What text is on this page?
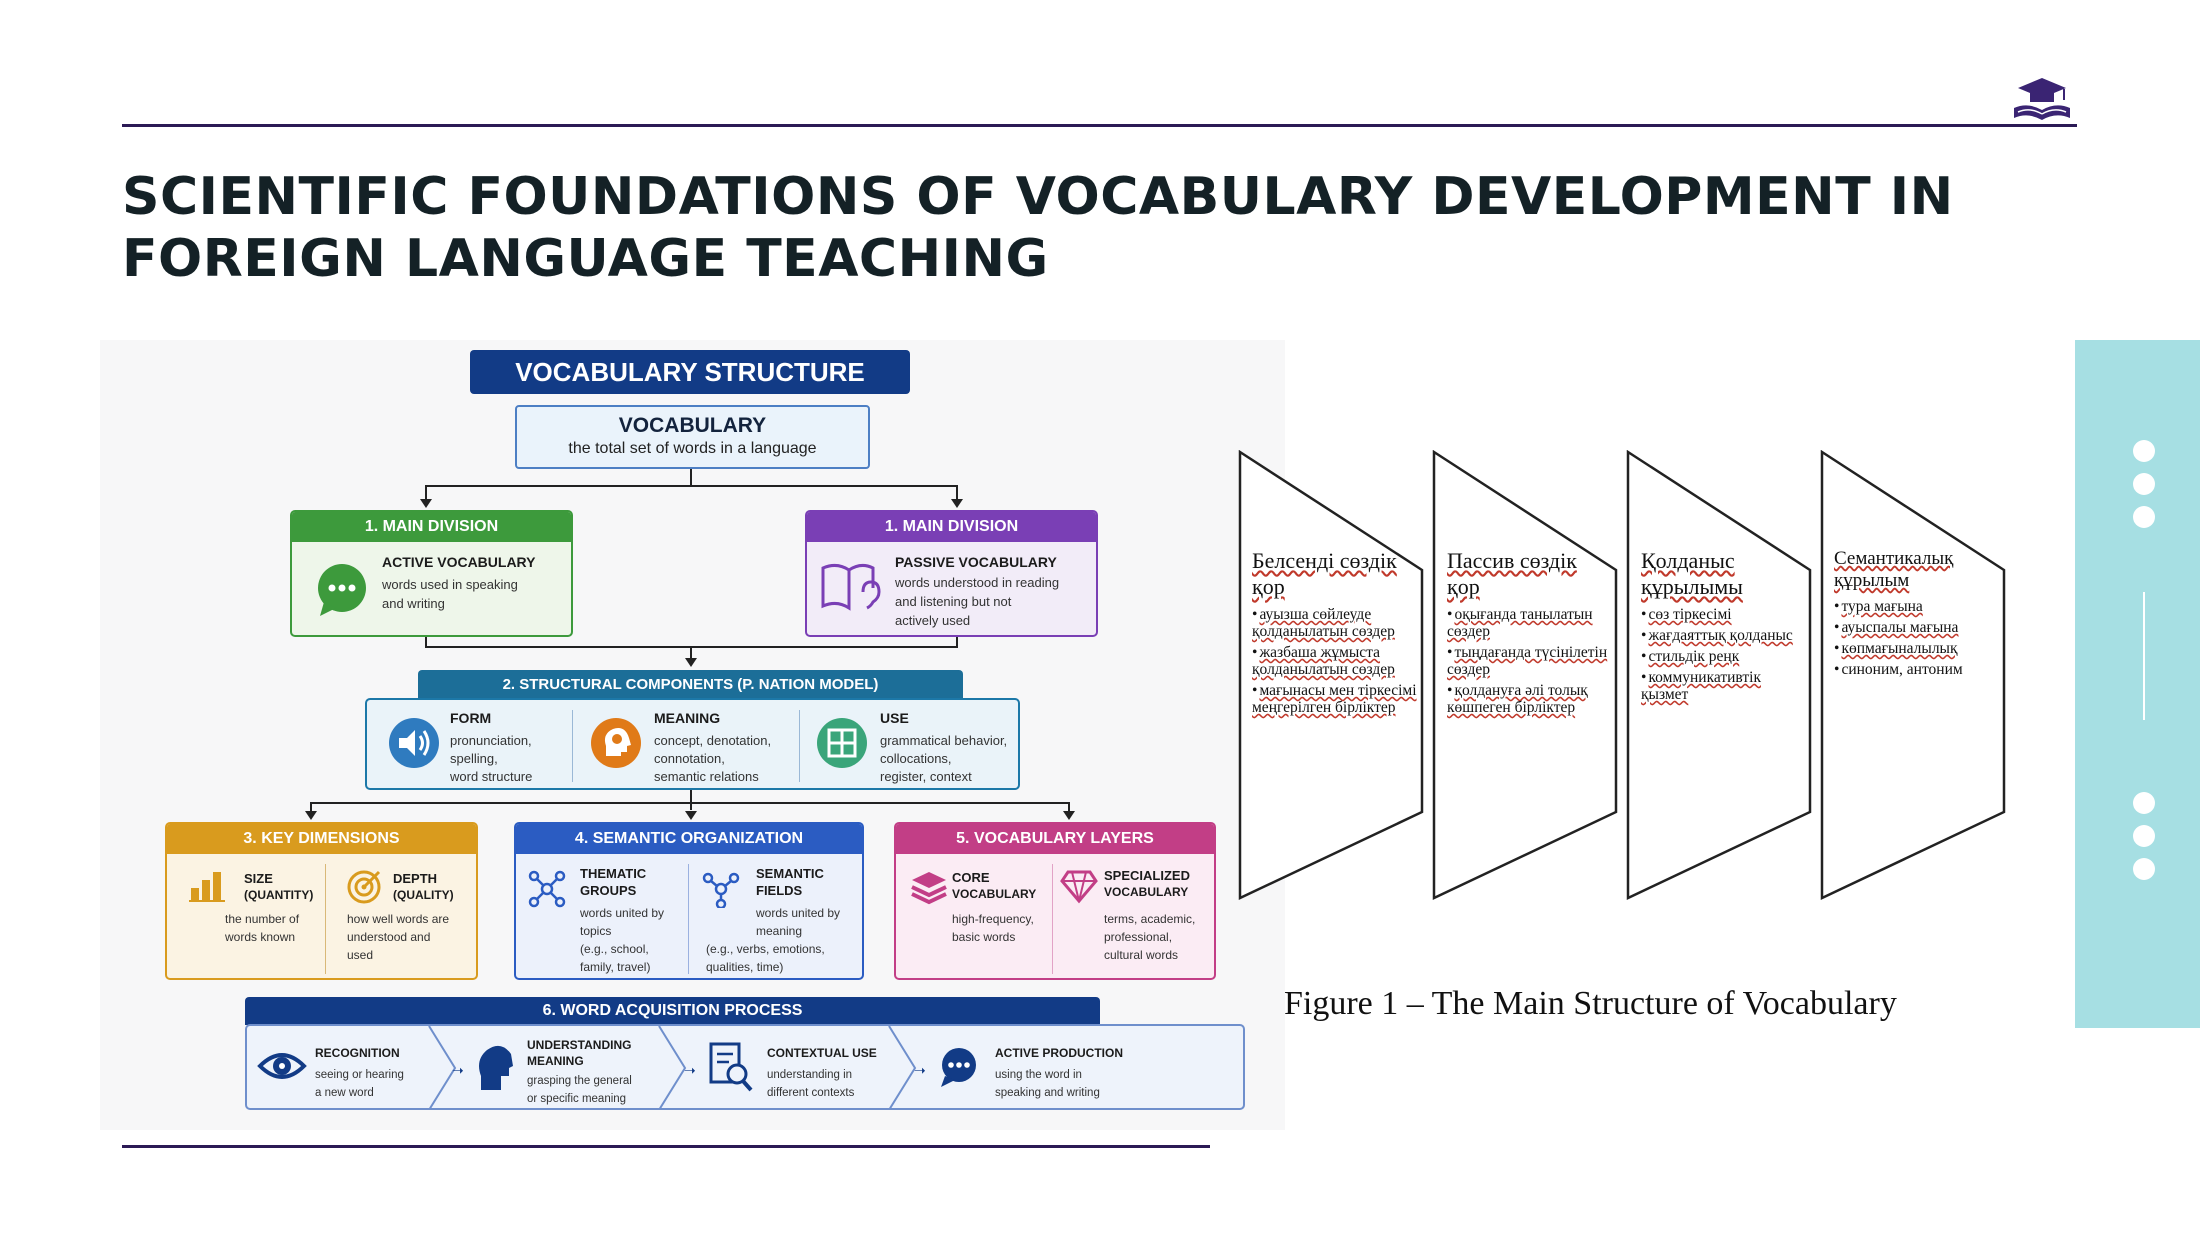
SCIENTIFIC FOUNDATIONS OF VOCABULARY DEVELOPMENT IN
FOREIGN LANGUAGE TEACHING
VOCABULARY STRUCTURE
VOCABULARY
the total set of words in a language
1. MAIN DIVISION
ACTIVE VOCABULARY
words used in speaking
and writing
1. MAIN DIVISION
PASSIVE VOCABULARY
words understood in reading
and listening but not
actively used
2. STRUCTURAL COMPONENTS (P. NATION MODEL)
FORM
pronunciation,
spelling,
word structure
MEANING
concept, denotation,
connotation,
semantic relations
USE
grammatical behavior,
collocations,
register, context
3. KEY DIMENSIONS
SIZE
(QUANTITY)
the number of
words known
DEPTH
(QUALITY)
how well words are
understood and
used
4. SEMANTIC ORGANIZATION
THEMATIC
GROUPS
words united by
topics
(e.g., school,
family, travel)
SEMANTIC
FIELDS
words united by
meaning
(e.g., verbs, emotions,
qualities, time)
5. VOCABULARY LAYERS
CORE
VOCABULARY
high-frequency,
basic words
SPECIALIZED
VOCABULARY
terms, academic,
professional,
cultural words
6. WORD ACQUISITION PROCESS
RECOGNITION
seeing or hearing
a new word
➝
UNDERSTANDING
MEANING
grasping the general
or specific meaning
➝
CONTEXTUAL USE
understanding in
different contexts
➝
ACTIVE PRODUCTION
using the word in
speaking and writing
Белсенді сөздік қор
• ауызша сөйлеуде қолданылатын сөздер
• жазбаша жұмыста қолданылатын сөздер
• мағынасы мен тіркесімі меңгерілген бірліктер
Пассив сөздік қор
• оқығанда танылатын сөздер
• тыңдағанда түсінілетін сөздер
• қолдануға әлі толық көшпеген бірліктер
Қолданыс құрылымы
• сөз тіркесімі
• жағдаяттық қолданыс
• стильдік реңк
• коммуникативтік қызмет
Семантикалық құрылым
• тура мағына
• ауыспалы мағына
• көпмағыналылық
• синоним, антоним
Figure 1 – The Main Structure of Vocabulary
